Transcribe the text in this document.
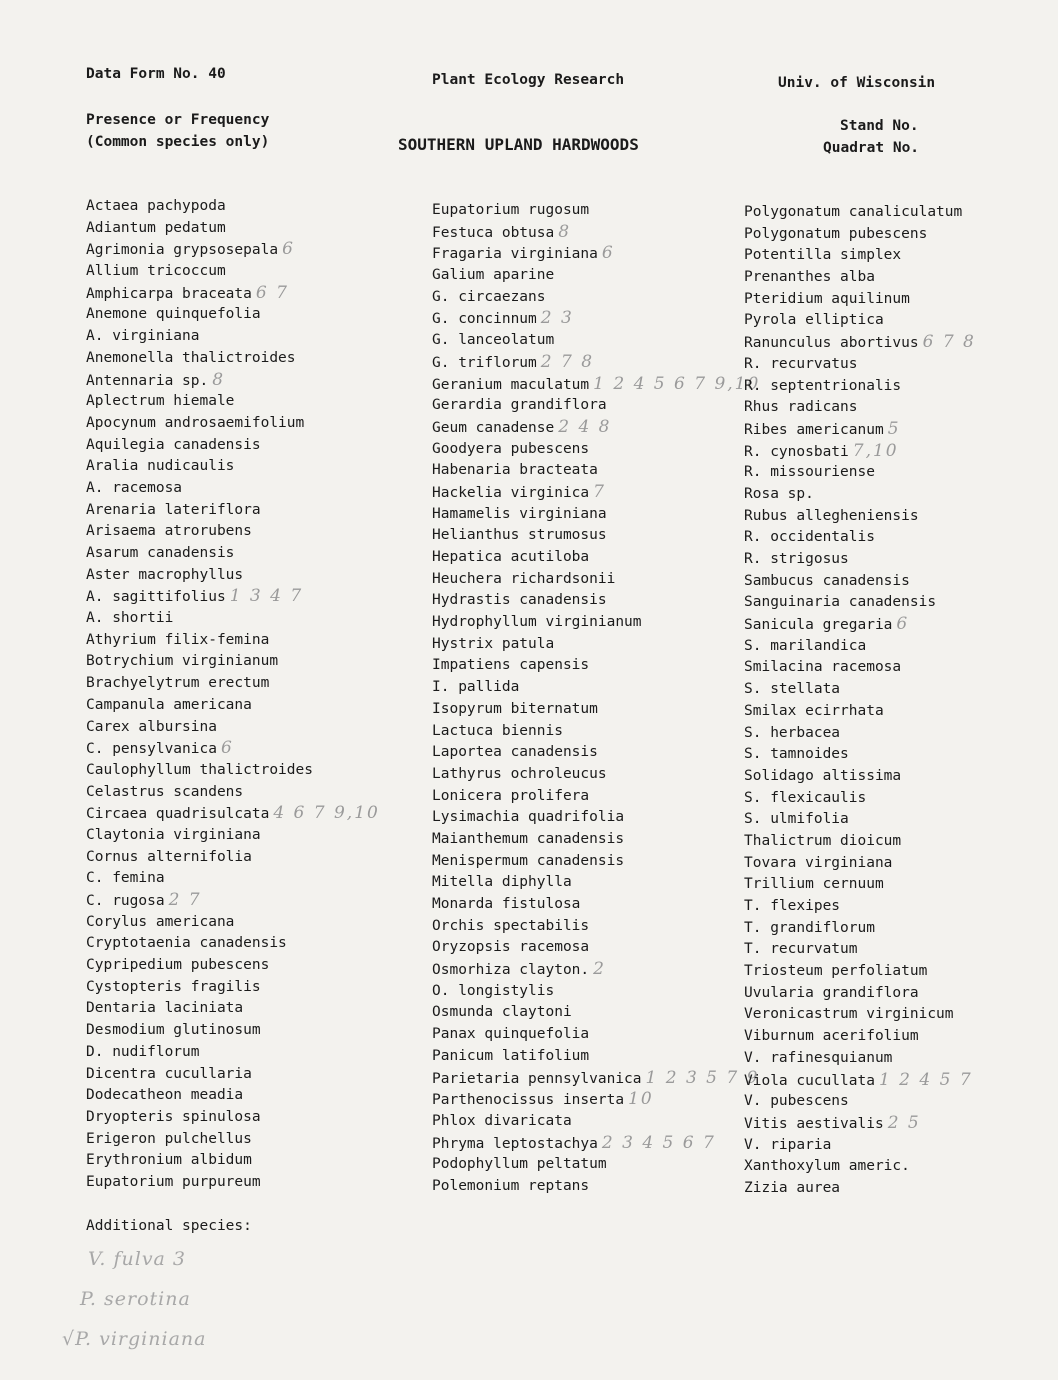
Data Form No. 40	Plant Ecology Research	Univ. of Wisconsin
Presence or Frequency
(Common species only)	SOUTHERN UPLAND HARDWOODS
Stand No.
Quadrat No.
Actaea pachypoda
Adiantum pedatum
Agrimonia grypsosepala 6
Allium tricoccum
Amphicarpa braceata 6 7
Anemone quinquefolia
A. virginiana
Anemonella thalictroides
Antennaria sp. 8
Aplectrum hiemale
Apocynum androsaemifolium
Aquilegia canadensis
Aralia nudicaulis
A. racemosa
Arenaria lateriflora
Arisaema atrorubens
Asarum canadensis
Aster macrophyllus
A. sagittifolius 1 3 4 7
A. shortii
Athyrium filix-femina
Botrychium virginianum
Brachyelytrum erectum
Campanula americana
Carex albursina
C. pensylvanica 6
Caulophyllum thalictroides
Celastrus scandens
Circaea quadrisulcata 4 6 7 9,10
Claytonia virginiana
Cornus alternifolia
C. femina
C. rugosa 2 7
Corylus americana
Cryptotaenia canadensis
Cypripedium pubescens
Cystopteris fragilis
Dentaria laciniata
Desmodium glutinosum
D. nudiflorum
Dicentra cucullaria
Dodecatheon meadia
Dryopteris spinulosa
Erigeron pulchellus
Erythronium albidum
Eupatorium purpureum
Eupatorium rugosum
Festuca obtusa 8
Fragaria virginiana 6
Galium aparine
G. circaezans
G. concinnum 2 3
G. lanceolatum
G. triflorum 2 7 8
Geranium maculatum 1 2 4 5 6 7 9,10
Gerardia grandiflora
Geum canadense 2 4 8
Goodyera pubescens
Habenaria bracteata
Hackelia virginica 7
Hamamelis virginiana
Helianthus strumosus
Hepatica acutiloba
Heuchera richardsonii
Hydrastis canadensis
Hydrophyllum virginianum
Hystrix patula
Impatiens capensis
I. pallida
Isopyrum biternatum
Lactuca biennis
Laportea canadensis
Lathyrus ochroleucus
Lonicera prolifera
Lysimachia quadrifolia
Maianthemum canadensis
Menispermum canadensis
Mitella diphylla
Monarda fistulosa
Orchis spectabilis
Oryzopsis racemosa
Osmorhiza clayton. 2
O. longistylis
Osmunda claytoni
Panax quinquefolia
Panicum latifolium
Parietaria pennsylvanica 1 2 3 5 7 9
Parthenocissus inserta 10
Phlox divaricata
Phryma leptostachya 2 3 4 5 6 7
Podophyllum peltatum
Polemonium reptans
Polygonatum canaliculatum
Polygonatum pubescens
Potentilla simplex
Prenanthes alba
Pteridium aquilinum
Pyrola elliptica
Ranunculus abortivus 6 7 8
R. recurvatus
R. septentrionalis
Rhus radicans
Ribes americanum 5
R. cynosbati 7,10
R. missouriense
Rosa sp.
Rubus allegheniensis
R. occidentalis
R. strigosus
Sambucus canadensis
Sanguinaria canadensis
Sanicula gregaria 6
S. marilandica
Smilacina racemosa
S. stellata
Smilax ecirrhata
S. herbacea
S. tamnoides
Solidago altissima
S. flexicaulis
S. ulmifolia
Thalictrum dioicum
Tovara virginiana
Trillium cernuum
T. flexipes
T. grandiflorum
T. recurvatum
Triosteum perfoliatum
Uvularia grandiflora
Veronicastrum virginicum
Viburnum acerifolium
V. rafinesquianum
Viola cucullata 1 2 4 5 7
V. pubescens
Vitis aestivalis 2 5
V. riparia
Xanthoxylum americ.
Zizia aurea
Additional species:
V. fulva 3
P. serotina
√P. virginiana
